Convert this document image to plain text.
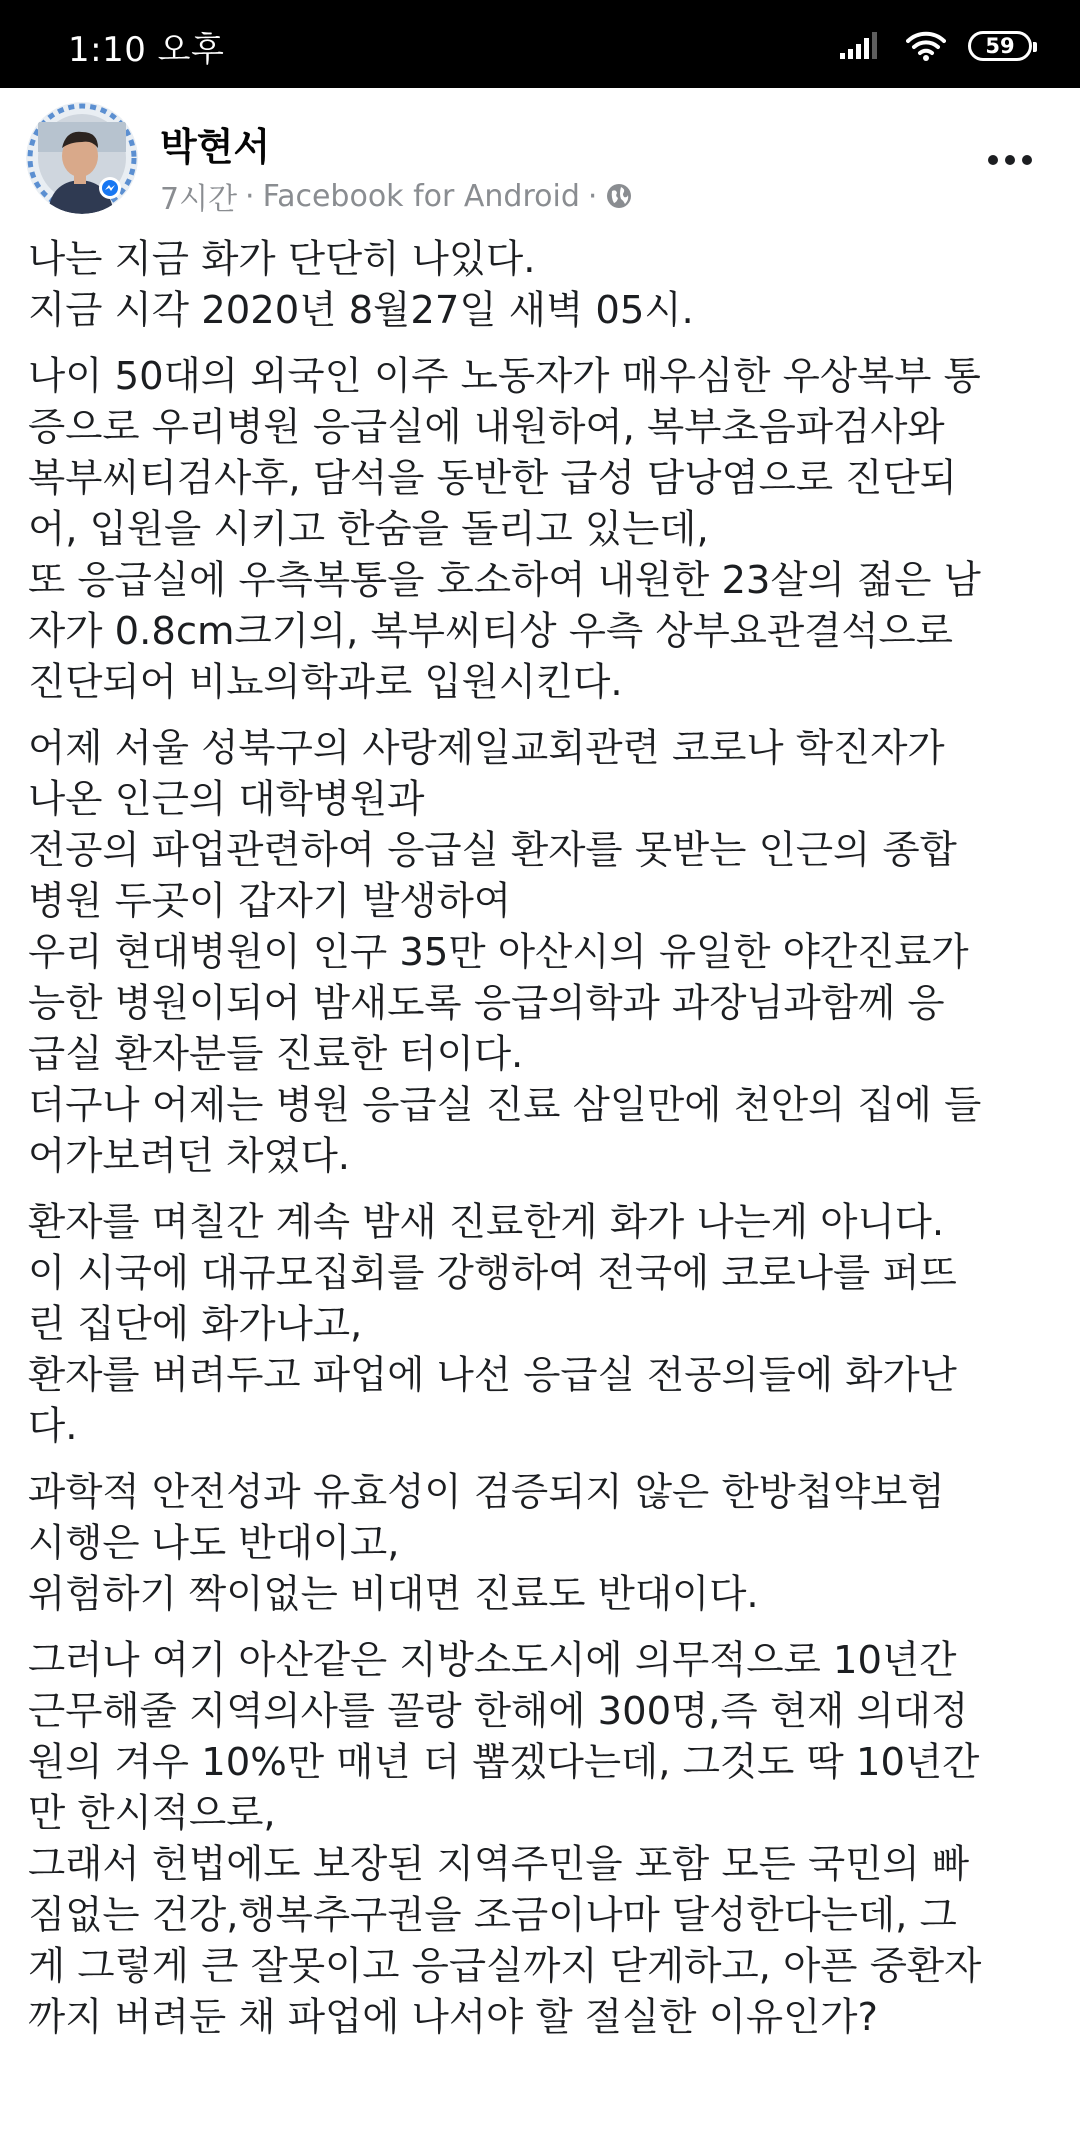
1:10 오후	59
박현서
7시간 · Facebook for Android ·

나는 지금 화가 단단히 나있다.
지금 시각 2020년 8월27일 새벽 05시.

나이 50대의 외국인 이주 노동자가 매우심한 우상복부 통
증으로 우리병원 응급실에 내원하여, 복부초음파검사와
복부씨티검사후, 담석을 동반한 급성 담낭염으로 진단되
어, 입원을 시키고 한숨을 돌리고 있는데,
또 응급실에 우측복통을 호소하여 내원한 23살의 젊은 남
자가 0.8cm크기의, 복부씨티상 우측 상부요관결석으로
진단되어 비뇨의학과로 입원시킨다.

어제 서울 성북구의 사랑제일교회관련 코로나 학진자가
나온 인근의 대학병원과
전공의 파업관련하여 응급실 환자를 못받는 인근의 종합
병원 두곳이 갑자기 발생하여
우리 현대병원이 인구 35만 아산시의 유일한 야간진료가
능한 병원이되어 밤새도록 응급의학과 과장님과함께 응
급실 환자분들 진료한 터이다.
더구나 어제는 병원 응급실 진료 삼일만에 천안의 집에 들
어가보려던 차였다.

환자를 며칠간 계속 밤새 진료한게 화가 나는게 아니다.
이 시국에 대규모집회를 강행하여 전국에 코로나를 퍼뜨
린 집단에 화가나고,
환자를 버려두고 파업에 나선 응급실 전공의들에 화가난
다.

과학적 안전성과 유효성이 검증되지 않은 한방첩약보험
시행은 나도 반대이고,
위험하기 짝이없는 비대면 진료도 반대이다.

그러나 여기 아산같은 지방소도시에 의무적으로 10년간
근무해줄 지역의사를 꼴랑 한해에 300명,즉 현재 의대정
원의 겨우 10%만 매년 더 뽑겠다는데, 그것도 딱 10년간
만 한시적으로,
그래서 헌법에도 보장된 지역주민을 포함 모든 국민의 빠
짐없는 건강,행복추구권을 조금이나마 달성한다는데, 그
게 그렇게 큰 잘못이고 응급실까지 닫게하고, 아픈 중환자
까지 버려둔 채 파업에 나서야 할 절실한 이유인가?
